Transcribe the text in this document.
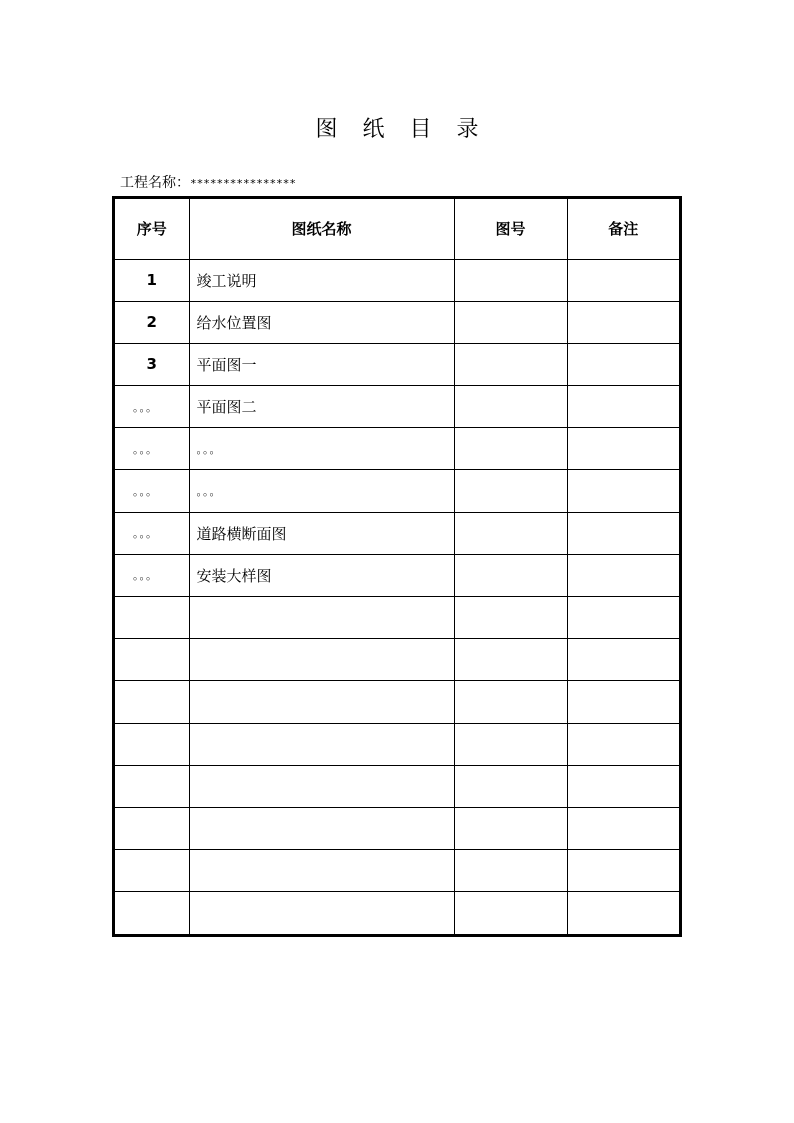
图 纸 目 录
工程名称：****************
序号	图纸名称	图号	备注
1	竣工说明		
2	给水位置图		
3	平面图一		
。。。	平面图二		
。。。	。。。		
。。。	。。。		
。。。	道路横断面图		
。。。	安装大样图		
